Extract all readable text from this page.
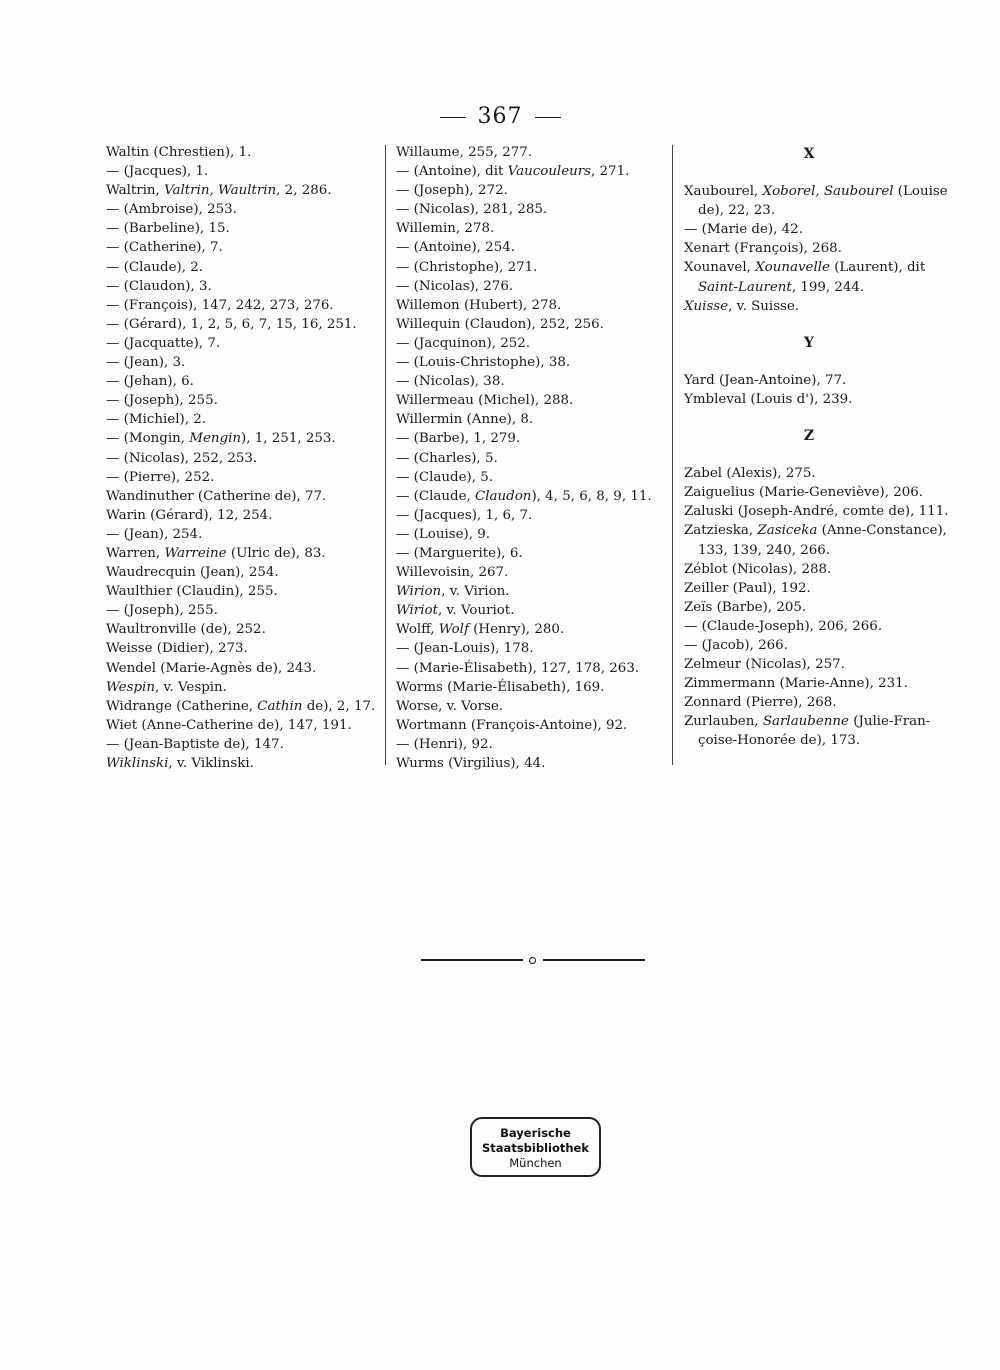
367
Waltin (Chrestien), 1.
— (Jacques), 1.
Waltrin, Valtrin, Waultrin, 2, 286.
— (Ambroise), 253.
— (Barbeline), 15.
— (Catherine), 7.
— (Claude), 2.
— (Claudon), 3.
— (François), 147, 242, 273, 276.
— (Gérard), 1, 2, 5, 6, 7, 15, 16, 251.
— (Jacquatte), 7.
— (Jean), 3.
— (Jehan), 6.
— (Joseph), 255.
— (Michiel), 2.
— (Mongin, Mengin), 1, 251, 253.
— (Nicolas), 252, 253.
— (Pierre), 252.
Wandinuther (Catherine de), 77.
Warin (Gérard), 12, 254.
— (Jean), 254.
Warren, Warreine (Ulric de), 83.
Waudrecquin (Jean), 254.
Waulthier (Claudin), 255.
— (Joseph), 255.
Waultronville (de), 252.
Weisse (Didier), 273.
Wendel (Marie-Agnès de), 243.
Wespin, v. Vespin.
Widrange (Catherine, Cathin de), 2, 17.
Wiet (Anne-Catherine de), 147, 191.
— (Jean-Baptiste de), 147.
Wiklinski, v. Viklinski.
Willaume, 255, 277.
— (Antoine), dit Vaucouleurs, 271.
— (Joseph), 272.
— (Nicolas), 281, 285.
Willemin, 278.
— (Antoine), 254.
— (Christophe), 271.
— (Nicolas), 276.
Willemon (Hubert), 278.
Willequin (Claudon), 252, 256.
— (Jacquinon), 252.
— (Louis-Christophe), 38.
— (Nicolas), 38.
Willermeau (Michel), 288.
Willermin (Anne), 8.
— (Barbe), 1, 279.
— (Charles), 5.
— (Claude), 5.
— (Claude, Claudon), 4, 5, 6, 8, 9, 11.
— (Jacques), 1, 6, 7.
— (Louise), 9.
— (Marguerite), 6.
Willevoisin, 267.
Wirion, v. Virion.
Wiriot, v. Vouriot.
Wolff, Wolf (Henry), 280.
— (Jean-Louis), 178.
— (Marie-Élisabeth), 127, 178, 263.
Worms (Marie-Élisabeth), 169.
Worse, v. Vorse.
Wortmann (François-Antoine), 92.
— (Henri), 92.
Wurms (Virgilius), 44.
X
Xaubourel, Xoborel, Saubourel (Louise
de), 22, 23.
— (Marie de), 42.
Xenart (François), 268.
Xounavel, Xounavelle (Laurent), dit
Saint-Laurent, 199, 244.
Xuisse, v. Suisse.
Y
Yard (Jean-Antoine), 77.
Ymbleval (Louis d'), 239.
Z
Zabel (Alexis), 275.
Zaiguelius (Marie-Geneviève), 206.
Zaluski (Joseph-André, comte de), 111.
Zatzieska, Zasiceka (Anne-Constance),
133, 139, 240, 266.
Zéblot (Nicolas), 288.
Zeiller (Paul), 192.
Zeïs (Barbe), 205.
— (Claude-Joseph), 206, 266.
— (Jacob), 266.
Zelmeur (Nicolas), 257.
Zimmermann (Marie-Anne), 231.
Zonnard (Pierre), 268.
Zurlauben, Sarlaubenne (Julie-Fran-
çoise-Honorée de), 173.
Bayerische
Staatsbibliothek
München
